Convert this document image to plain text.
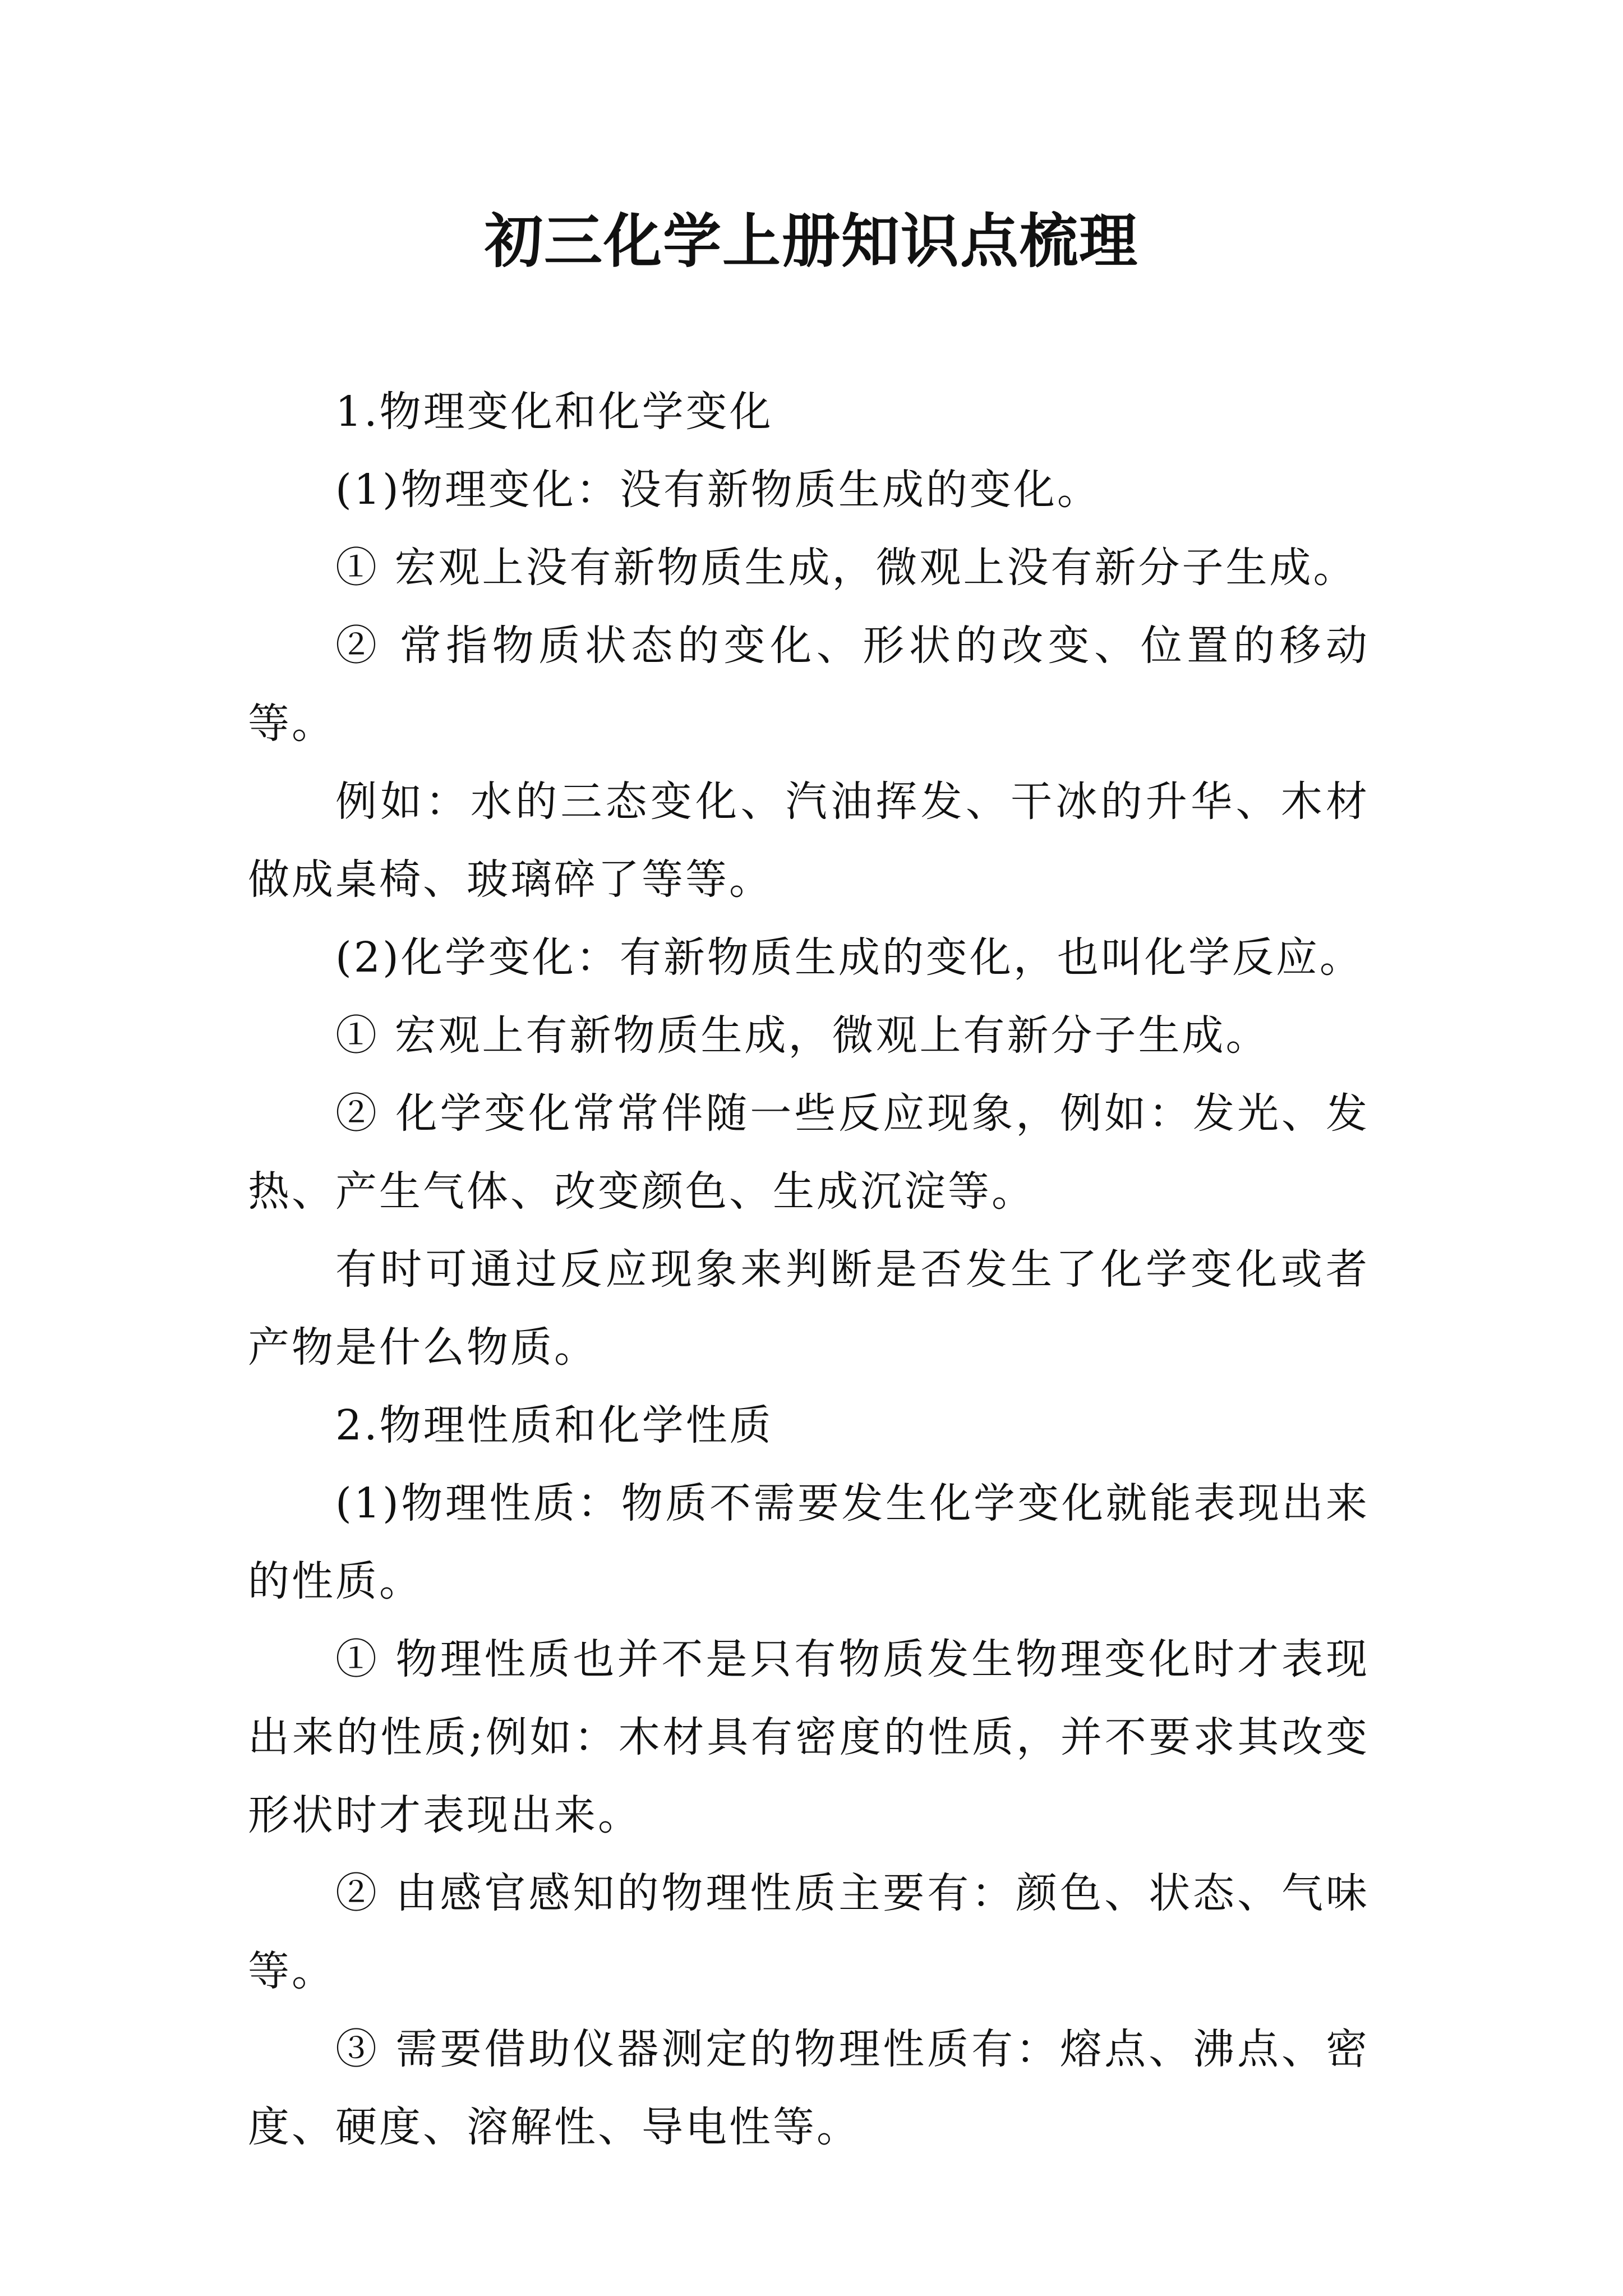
初三化学上册知识点梳理

1.物理变化和化学变化

(1)物理变化：没有新物质生成的变化。

① 宏观上没有新物质生成，微观上没有新分子生成。

② 常指物质状态的变化、形状的改变、位置的移动等。

例如：水的三态变化、汽油挥发、干冰的升华、木材做成桌椅、玻璃碎了等等。

(2)化学变化：有新物质生成的变化，也叫化学反应。

① 宏观上有新物质生成，微观上有新分子生成。

② 化学变化常常伴随一些反应现象，例如：发光、发热、产生气体、改变颜色、生成沉淀等。

有时可通过反应现象来判断是否发生了化学变化或者产物是什么物质。

2.物理性质和化学性质

(1)物理性质：物质不需要发生化学变化就能表现出来的性质。

① 物理性质也并不是只有物质发生物理变化时才表现出来的性质;例如：木材具有密度的性质，并不要求其改变形状时才表现出来。

② 由感官感知的物理性质主要有：颜色、状态、气味等。

③ 需要借助仪器测定的物理性质有：熔点、沸点、密度、硬度、溶解性、导电性等。
